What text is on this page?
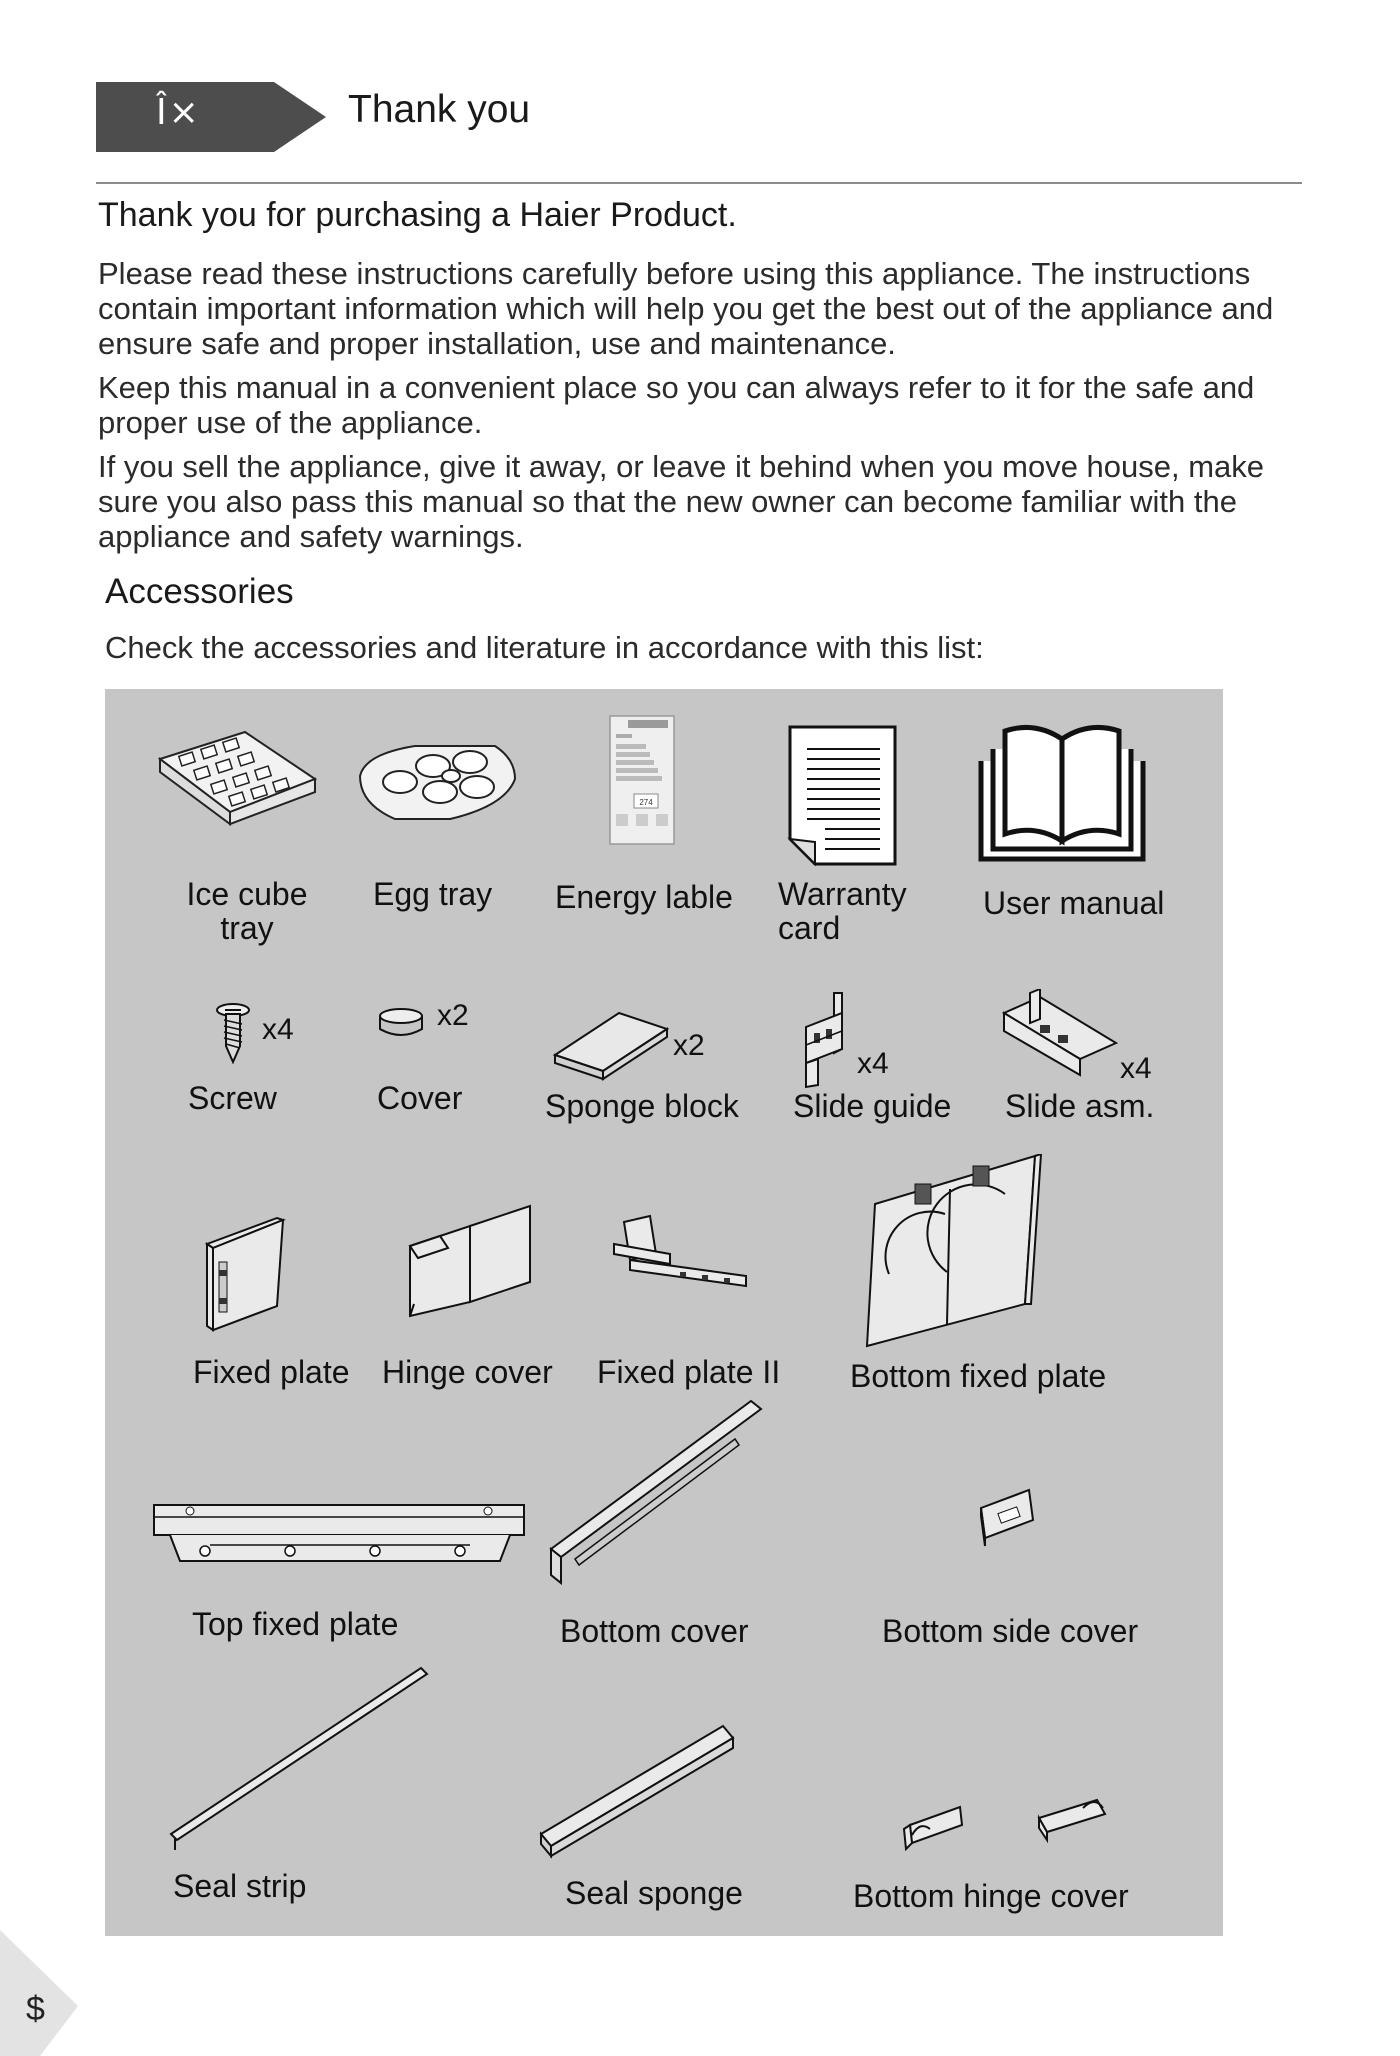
Î×	Thank you
Thank you for purchasing a Haier Product.

Please read these instructions carefully before using this appliance. The instructions contain important information which will help you get the best out of the appliance and ensure safe and proper installation, use and maintenance.

Keep this manual in a convenient place so you can always refer to it for the safe and proper use of the appliance.

If you sell the appliance, give it away, or leave it behind when you move house, make sure you also pass this manual so that the new owner can become familiar with the appliance and safety warnings.

Accessories
Check the accessories and literature in accordance with this list:
274
Ice cube
tray
Egg tray Energy lable Warranty
card
User manual
x4	x2
x2
x4	x4
Screw	Cover	Sponge block Slide guide Slide asm.
Fixed plate Hinge cover Fixed plate II Bottom fixed plate
Top fixed plate	Bottom cover	Bottom side cover
Seal strip	Seal sponge	Bottom hinge cover
$
